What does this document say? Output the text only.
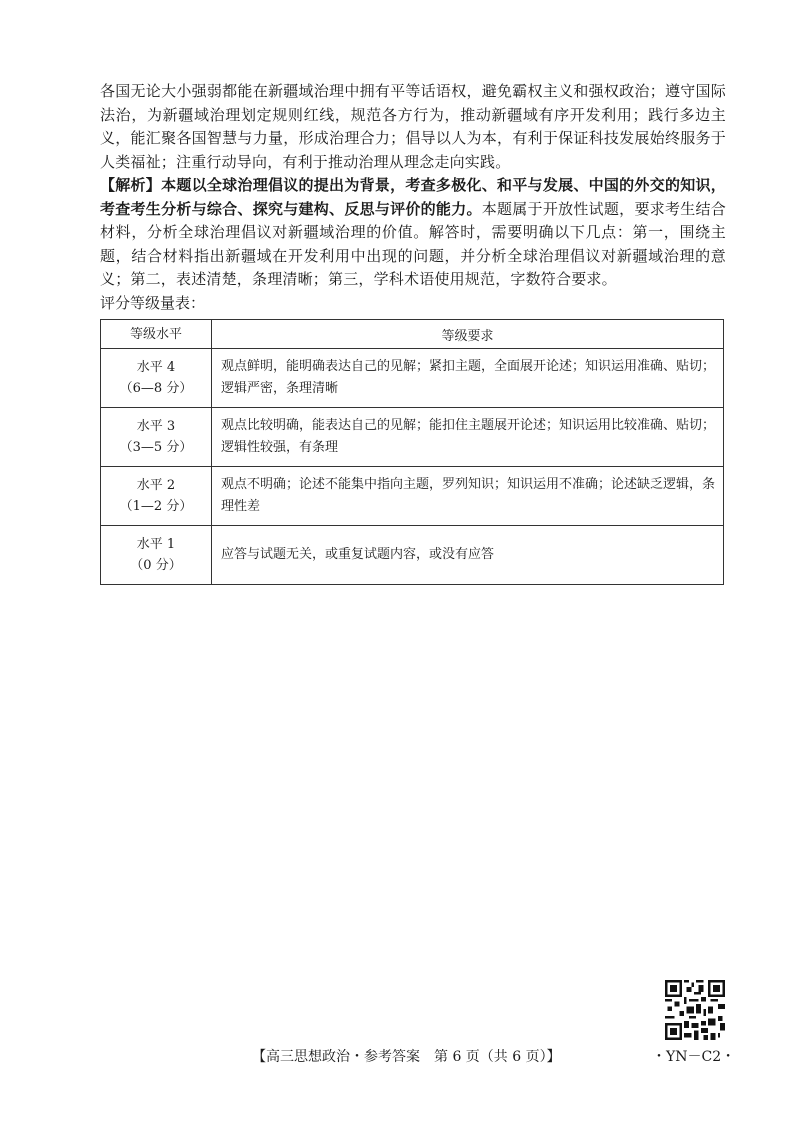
各国无论大小强弱都能在新疆域治理中拥有平等话语权，避免霸权主义和强权政治；遵守国际法治，为新疆域治理划定规则红线，规范各方行为，推动新疆域有序开发利用；践行多边主义，能汇聚各国智慧与力量，形成治理合力；倡导以人为本，有利于保证科技发展始终服务于人类福祉；注重行动导向，有利于推动治理从理念走向实践。

【解析】本题以全球治理倡议的提出为背景，考查多极化、和平与发展、中国的外交的知识，考查考生分析与综合、探究与建构、反思与评价的能力。本题属于开放性试题，要求考生结合材料，分析全球治理倡议对新疆域治理的价值。解答时，需要明确以下几点：第一，围绕主题，结合材料指出新疆域在开发利用中出现的问题，并分析全球治理倡议对新疆域治理的意义；第二，表述清楚，条理清晰；第三，学科术语使用规范，字数符合要求。

评分等级量表：

等级水平	等级要求

水平 4
（6—8 分）	观点鲜明，能明确表达自己的见解；紧扣主题，全面展开论述；知识运用准确、贴切；逻辑严密，条理清晰

水平 3
（3—5 分）	观点比较明确，能表达自己的见解；能扣住主题展开论述；知识运用比较准确、贴切；逻辑性较强，有条理

水平 2
（1—2 分）	观点不明确；论述不能集中指向主题，罗列知识；知识运用不准确；论述缺乏逻辑，条理性差

水平 1
（0 分）	应答与试题无关，或重复试题内容，或没有应答
【高三思想政治・参考答案　第 6 页（共 6 页）】	・YN－C2・
